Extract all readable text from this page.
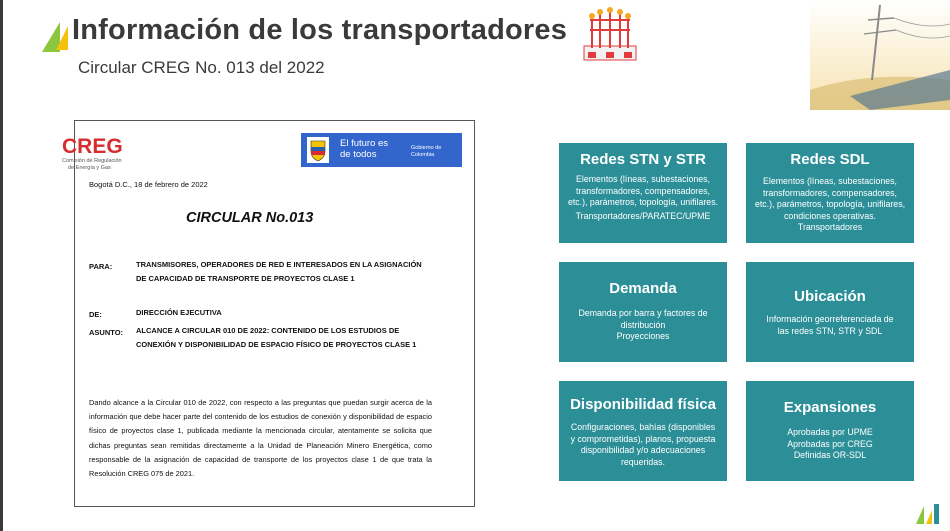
Información de los transportadores

Circular CREG No. 013 del 2022

CREG
Comisión de Regulación
de Energía y Gas
El futuro es de todos
Gobierno de Colombia
Bogotá D.C., 18 de febrero de 2022
CIRCULAR No.013
PARA:	TRANSMISORES, OPERADORES DE RED E INTERESADOS EN LA ASIGNACIÓN DE CAPACIDAD DE TRANSPORTE DE PROYECTOS CLASE 1
DE:	DIRECCIÓN EJECUTIVA
ASUNTO: ALCANCE A CIRCULAR 010 DE 2022: CONTENIDO DE LOS ESTUDIOS DE CONEXIÓN Y DISPONIBILIDAD DE ESPACIO FÍSICO DE PROYECTOS CLASE 1

Dando alcance a la Circular 010 de 2022, con respecto a las preguntas que puedan surgir acerca de la información que debe hacer parte del contenido de los estudios de conexión y disponibilidad de espacio físico de proyectos clase 1, publicada mediante la mencionada circular, atentamente se solicita que dichas preguntas sean remitidas directamente a la Unidad de Planeación Minero Energética, como responsable de la asignación de capacidad de transporte de los proyectos clase 1 de que trata la Resolución CREG 075 de 2021.

Redes STN y STR

Elementos (líneas, subestaciones, transformadores, compensadores, etc.), parámetros, topología, unifilares.

Transportadores/PARATEC/UPME

Redes SDL

Elementos (líneas, subestaciones, transformadores, compensadores, etc.), parámetros, topología, unifilares, condiciones operativas.

Transportadores

Demanda

Demanda por barra y factores de distribución

Proyecciones

Ubicación

Información georreferenciada de las redes STN, STR y SDL

Disponibilidad física

Configuraciones, bahías (disponibles y comprometidas), planos, propuesta disponibilidad y/o adecuaciones requeridas.

Expansiones

Aprobadas por UPME
Aprobadas por CREG
Definidas OR-SDL
